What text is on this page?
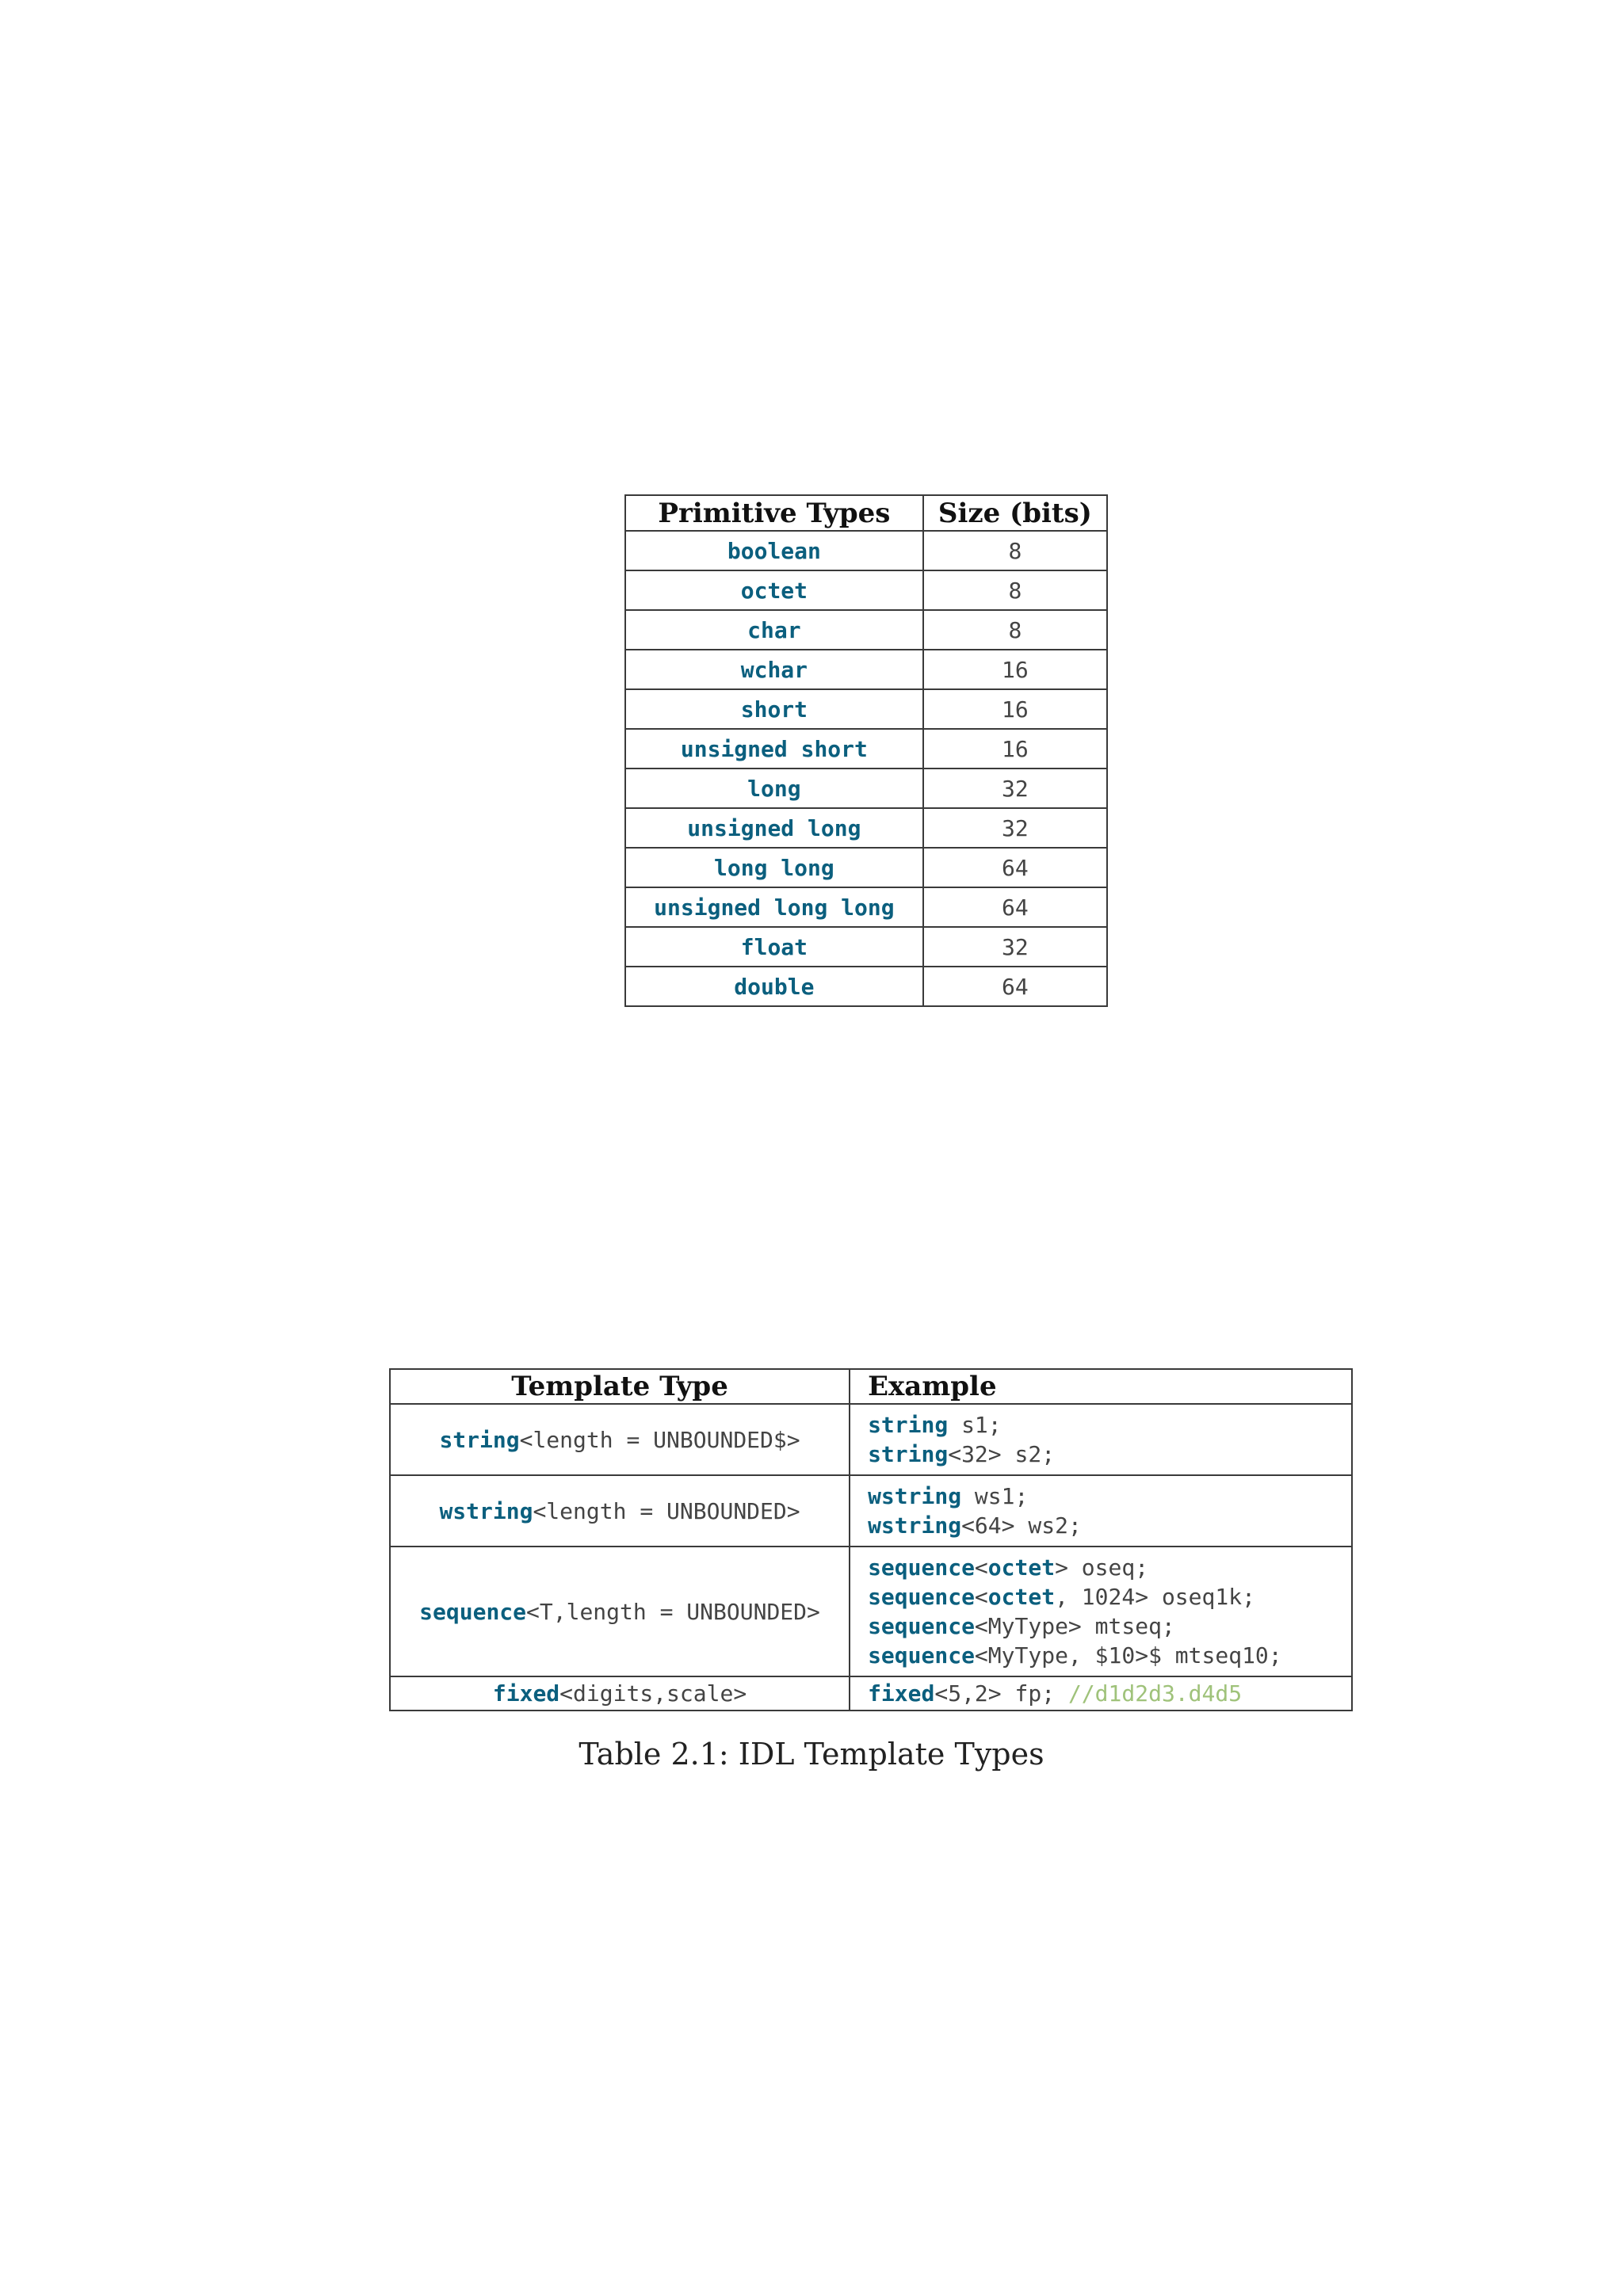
Primitive Types	Size (bits)
boolean	8
octet	8
char	8
wchar	16
short	16
unsigned short	16
long	32
unsigned long	32
long long	64
unsigned long long	64
float	32
double	64
Template Type	Example
string<length = UNBOUNDED$>	string s1;
string<32> s2;

wstring<length = UNBOUNDED>	wstring ws1;
wstring<64> ws2;

sequence<T,length = UNBOUNDED>	sequence<octet> oseq;
sequence<octet, 1024> oseq1k;
sequence<MyType> mtseq;
sequence<MyType, $10>$ mtseq10;

fixed<digits,scale>	fixed<5,2> fp; //d1d2d3.d4d5
Table 2.1: IDL Template Types
